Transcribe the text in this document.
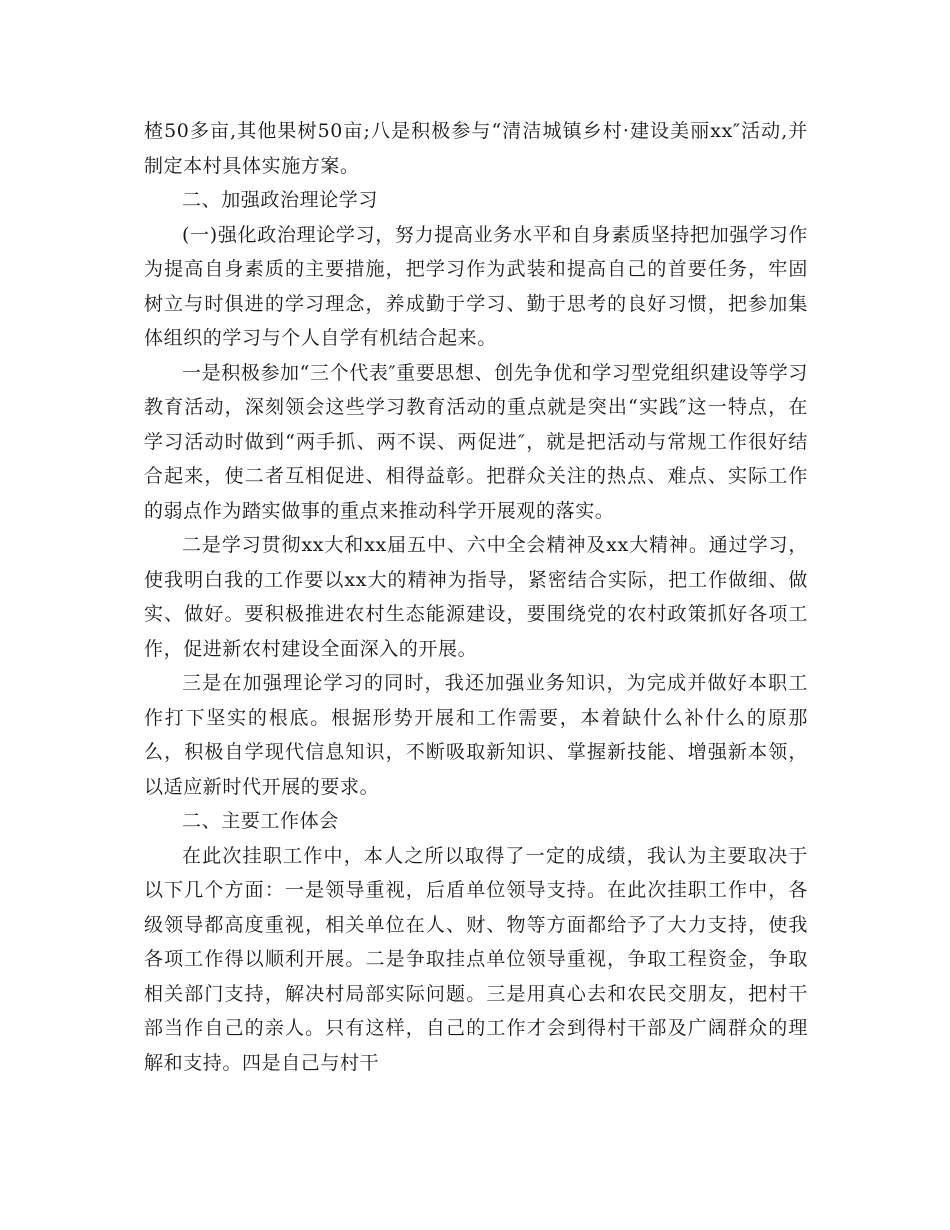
楂50多亩,其他果树50亩;八是积极参与“清洁城镇乡村·建设美丽xx″活动,并制定本村具体实施方案。

二、加强政治理论学习

(一)强化政治理论学习，努力提高业务水平和自身素质坚持把加强学习作为提高自身素质的主要措施，把学习作为武装和提高自己的首要任务，牢固树立与时俱进的学习理念，养成勤于学习、勤于思考的良好习惯，把参加集体组织的学习与个人自学有机结合起来。

一是积极参加“三个代表″重要思想、创先争优和学习型党组织建设等学习教育活动，深刻领会这些学习教育活动的重点就是突出“实践″这一特点，在学习活动时做到“两手抓、两不误、两促进″，就是把活动与常规工作很好结合起来，使二者互相促进、相得益彰。把群众关注的热点、难点、实际工作的弱点作为踏实做事的重点来推动科学开展观的落实。

二是学习贯彻xx大和xx届五中、六中全会精神及xx大精神。通过学习，使我明白我的工作要以xx大的精神为指导，紧密结合实际，把工作做细、做实、做好。要积极推进农村生态能源建设，要围绕党的农村政策抓好各项工作，促进新农村建设全面深入的开展。

三是在加强理论学习的同时，我还加强业务知识，为完成并做好本职工作打下坚实的根底。根据形势开展和工作需要，本着缺什么补什么的原那么，积极自学现代信息知识，不断吸取新知识、掌握新技能、增强新本领，以适应新时代开展的要求。

二、主要工作体会

在此次挂职工作中，本人之所以取得了一定的成绩，我认为主要取决于以下几个方面：一是领导重视，后盾单位领导支持。在此次挂职工作中，各级领导都高度重视，相关单位在人、财、物等方面都给予了大力支持，使我各项工作得以顺利开展。二是争取挂点单位领导重视，争取工程资金，争取相关部门支持，解决村局部实际问题。三是用真心去和农民交朋友，把村干部当作自己的亲人。只有这样，自己的工作才会到得村干部及广阔群众的理解和支持。四是自己与村干
